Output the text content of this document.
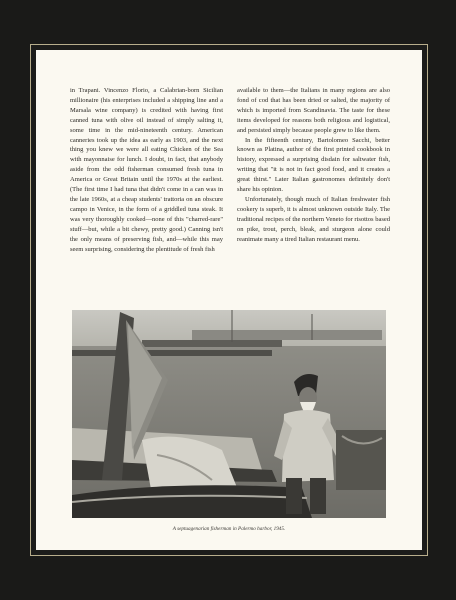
in Trapani. Vincenzo Florio, a Calabrian-born Sicilian millionaire (his enterprises included a shipping line and a Marsala wine company) is credited with having first canned tuna with olive oil instead of simply salting it, some time in the mid-nineteenth century. American canneries took up the idea as early as 1903, and the next thing you knew we were all eating Chicken of the Sea with mayonnaise for lunch. I doubt, in fact, that anybody aside from the odd fisherman consumed fresh tuna in America or Great Britain until the 1970s at the earliest. (The first time I had tuna that didn't come in a can was in the late 1960s, at a cheap students' trattoria on an obscure campo in Venice, in the form of a griddled tuna steak. It was very thoroughly cooked—none of this "charred-rare" stuff—but, while a bit chewy, pretty good.) Canning isn't the only means of preserving fish, and—while this may seem surprising, considering the plentitude of fresh fish

available to them—the Italians in many regions are also fond of cod that has been dried or salted, the majority of which is imported from Scandinavia. The taste for these items developed for reasons both religious and logistical, and persisted simply because people grew to like them.

In the fifteenth century, Bartolomeo Sacchi, better known as Platina, author of the first printed cookbook in history, expressed a surprising disdain for saltwater fish, writing that "it is not in fact good food, and it creates a great thirst." Later Italian gastronomes definitely don't share his opinion.

Unfortunately, though much of Italian freshwater fish cookery is superb, it is almost unknown outside Italy. The traditional recipes of the northern Veneto for risottos based on pike, trout, perch, bleak, and sturgeon alone could reanimate many a tired Italian restaurant menu.

A septuagenarian fisherman in Palermo harbor, 1945.
